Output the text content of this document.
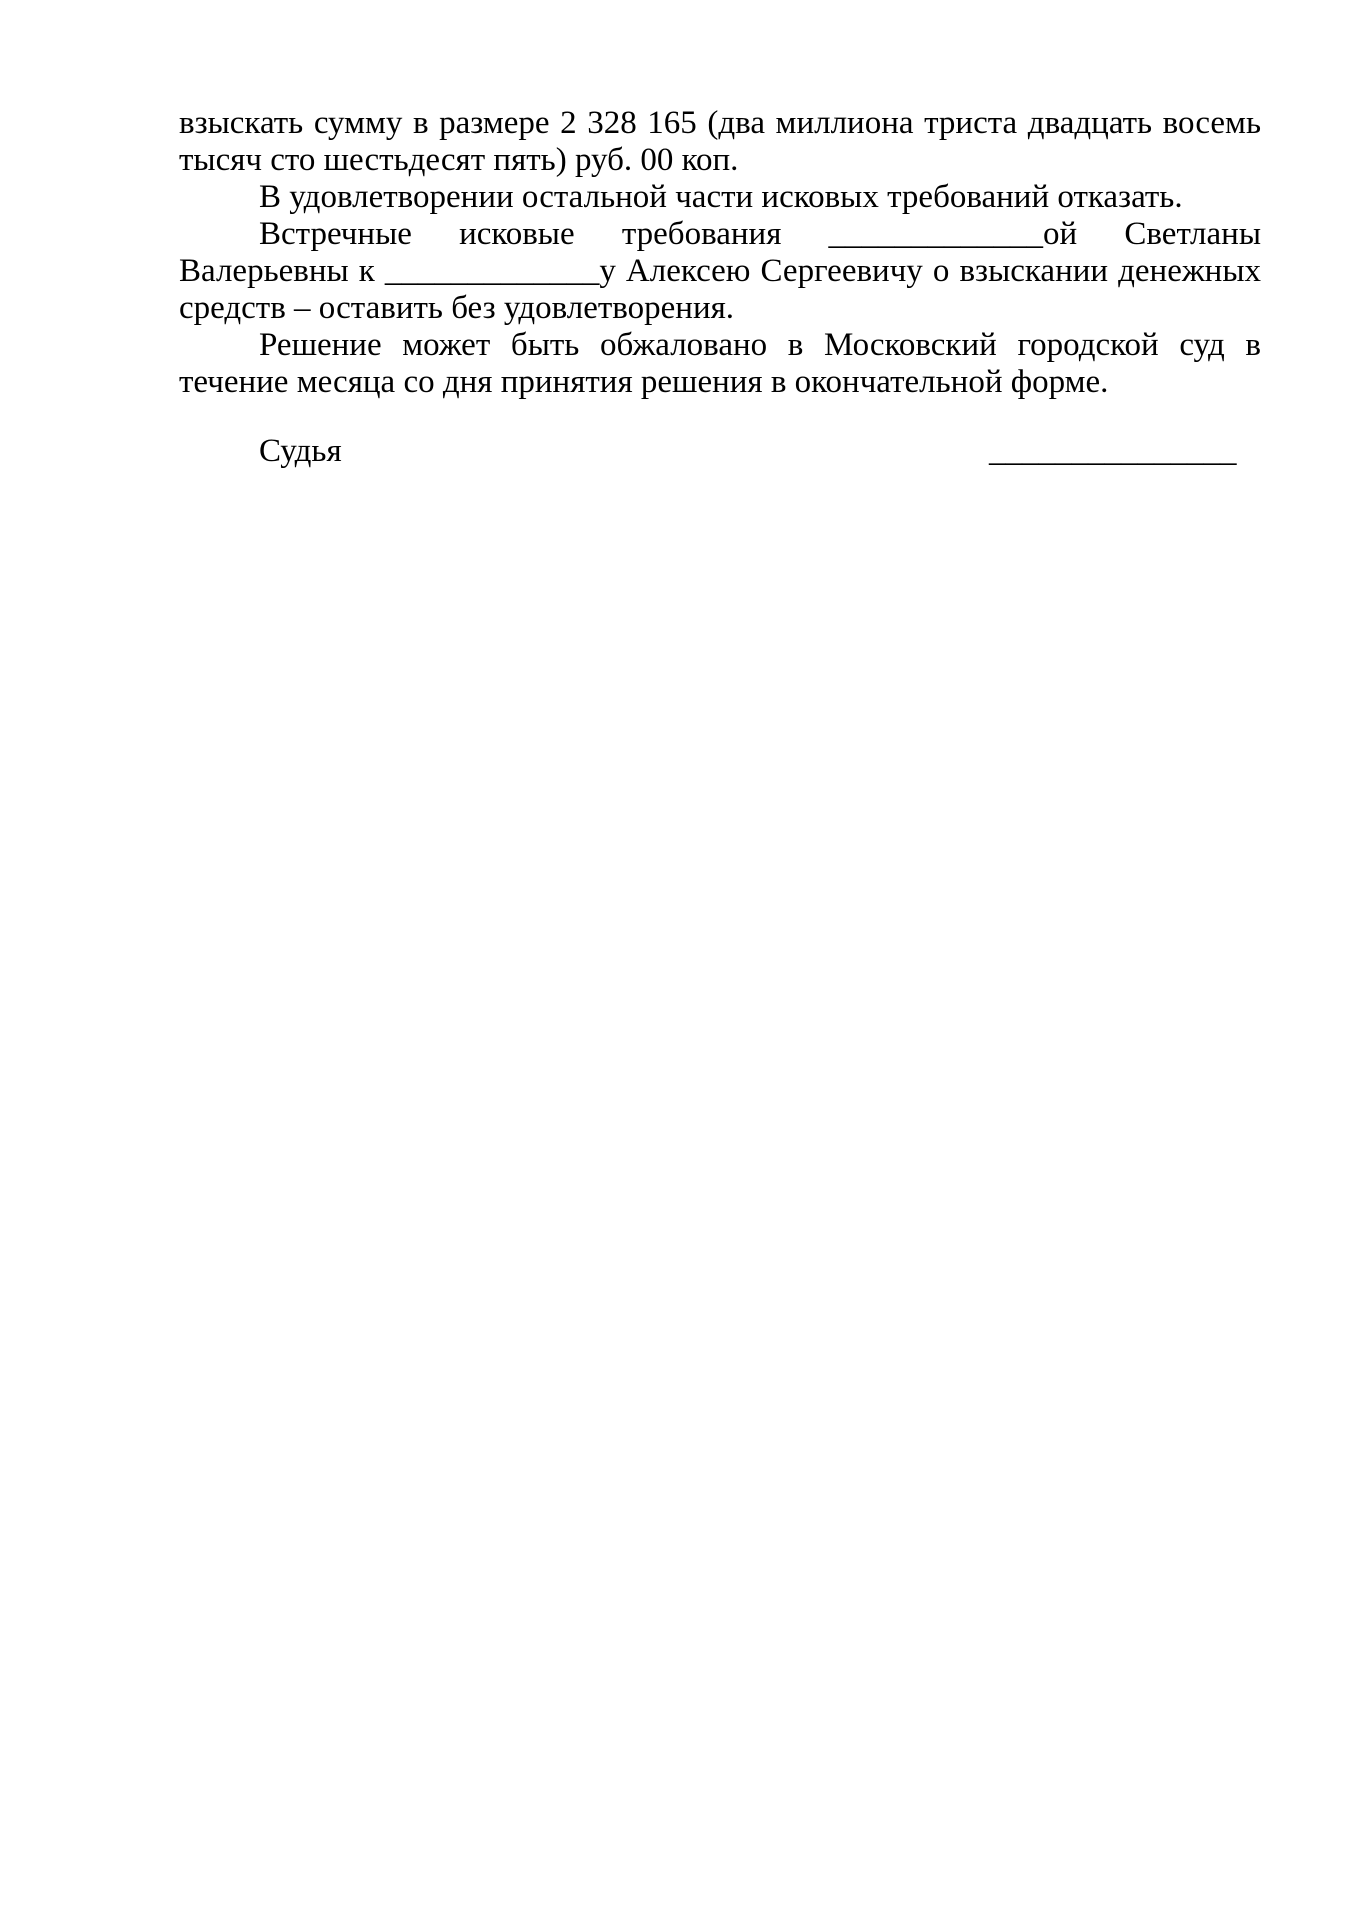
взыскать сумму в размере 2 328 165 (два миллиона триста двадцать восемь тысяч сто шестьдесят пять) руб. 00 коп.

В удовлетворении остальной части исковых требований отказать.

Встречные исковые требования _____________ой Светланы Валерьевны к _____________у Алексею Сергеевичу о взыскании денежных средств – оставить без удовлетворения.

Решение может быть обжаловано в Московский городской суд в течение месяца со дня принятия решения в окончательной форме.

Судья	_______________
